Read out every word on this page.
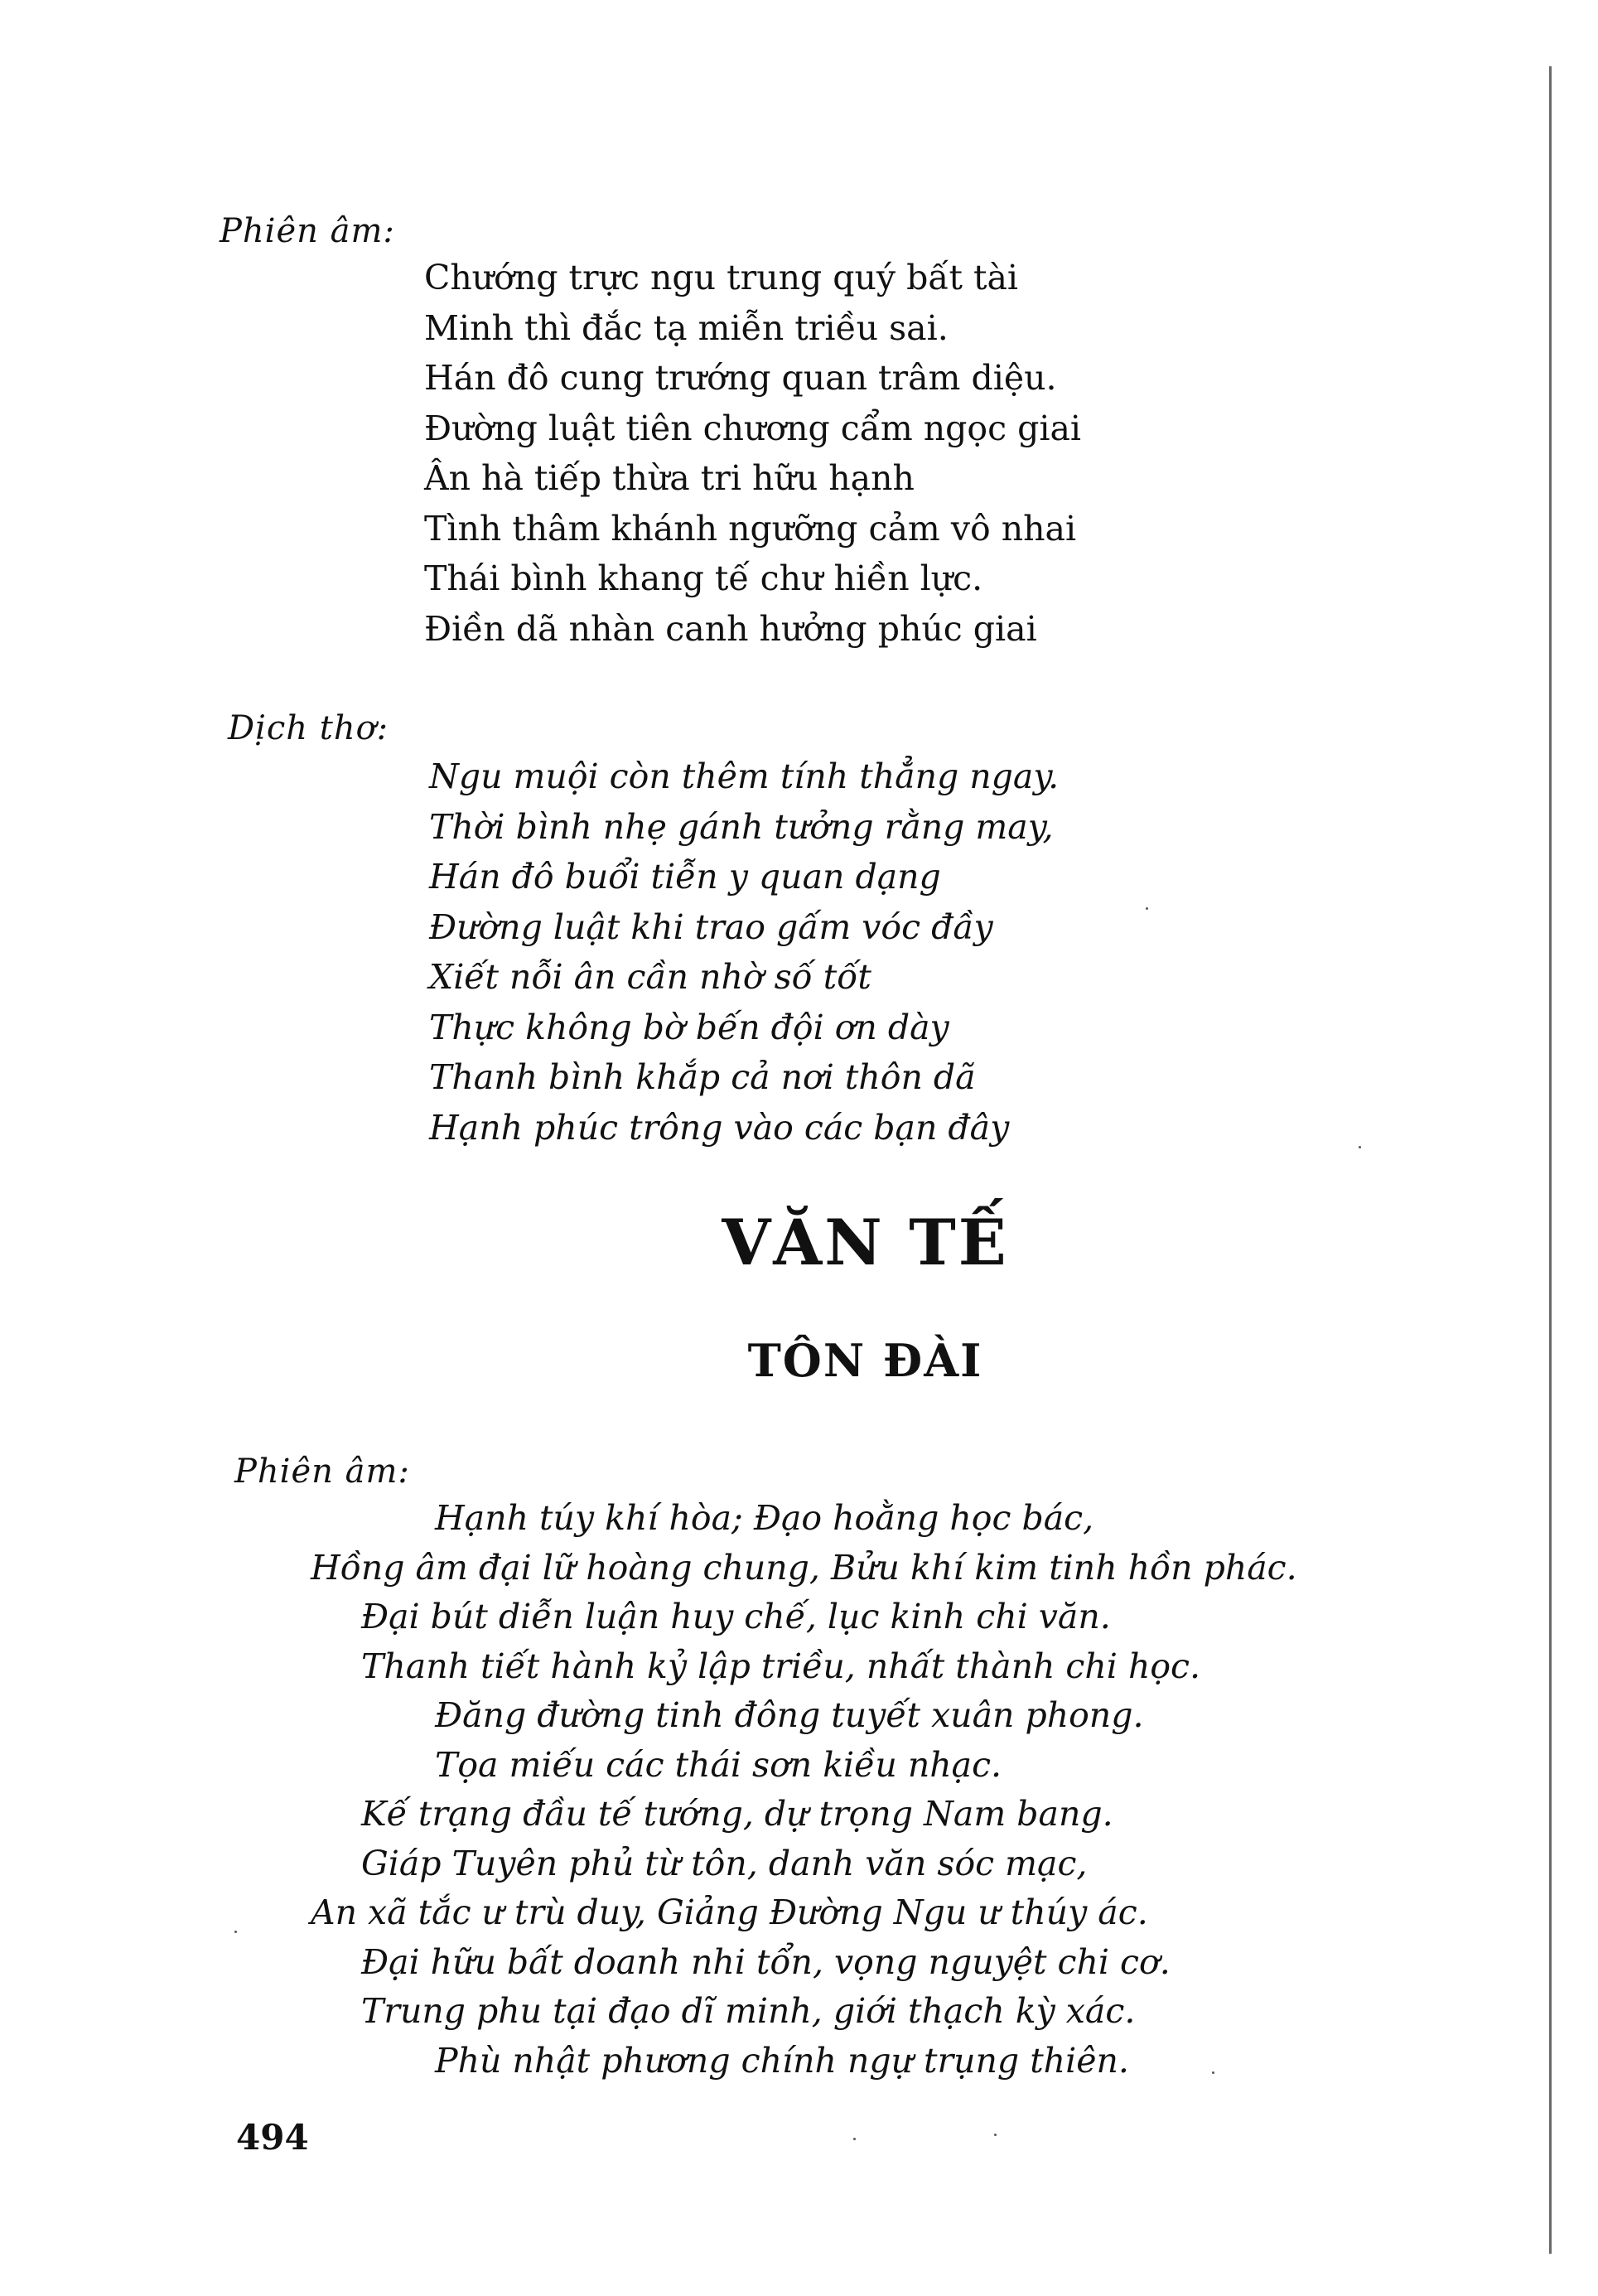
Phiên âm:
Chướng trực ngu trung quý bất tài
Minh thì đắc tạ miễn triều sai.
Hán đô cung trướng quan trâm diệu.
Đường luật tiên chương cẩm ngọc giai
Ân hà tiếp thừa tri hữu hạnh
Tình thâm khánh ngưỡng cảm vô nhai
Thái bình khang tế chư hiền lực.
Điền dã nhàn canh hưởng phúc giai
Dịch thơ:
Ngu muội còn thêm tính thẳng ngay.
Thời bình nhẹ gánh tưởng rằng may,
Hán đô buổi tiễn y quan dạng
Đường luật khi trao gấm vóc đầy
Xiết nỗi ân cần nhờ số tốt
Thực không bờ bến đội ơn dày
Thanh bình khắp cả nơi thôn dã
Hạnh phúc trông vào các bạn đây
VĂN TẾ
TÔN ĐÀI
Phiên âm:
Hạnh túy khí hòa; Đạo hoằng học bác,
Hồng âm đại lữ hoàng chung, Bửu khí kim tinh hồn phác.
Đại bút diễn luận huy chế, lục kinh chi văn.
Thanh tiết hành kỷ lập triều, nhất thành chi học.
Đăng đường tinh đông tuyết xuân phong.
Tọa miếu các thái sơn kiều nhạc.
Kế trạng đầu tế tướng, dự trọng Nam bang.
Giáp Tuyên phủ từ tôn, danh văn sóc mạc,
An xã tắc ư trù duy, Giảng Đường Ngu ư thúy ác.
Đại hữu bất doanh nhi tổn, vọng nguyệt chi cơ.
Trung phu tại đạo dĩ minh, giới thạch kỳ xác.
Phù nhật phương chính ngự trụng thiên.
494
